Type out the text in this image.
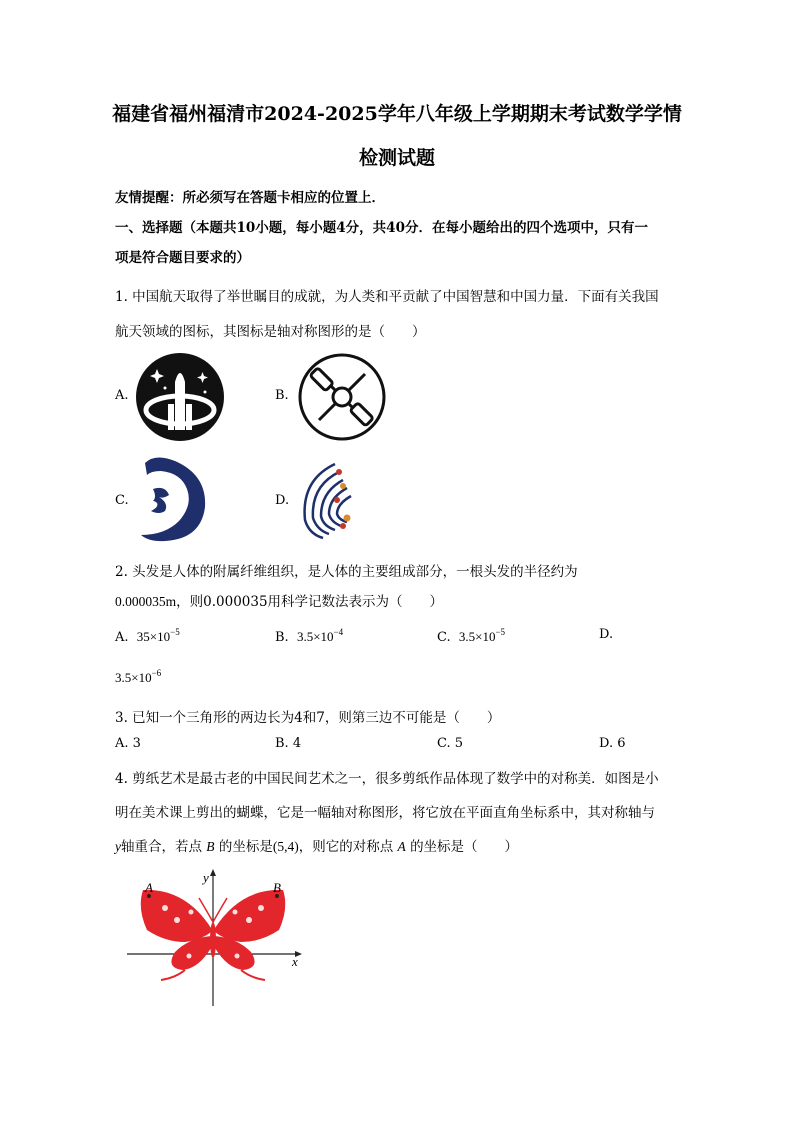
福建省福州福清市2024-2025学年八年级上学期期末考试数学学情
检测试题
友情提醒：所必须写在答题卡相应的位置上．
一、选择题（本题共10小题，每小题4分，共40分．在每小题给出的四个选项中，只有一
项是符合题目要求的）
1. 中国航天取得了举世瞩目的成就，为人类和平贡献了中国智慧和中国力量．下面有关我国
航天领域的图标，其图标是轴对称图形的是（　　）
A.	B.
C.	D.
2. 头发是人体的附属纤维组织，是人体的主要组成部分，一根头发的半径约为
0.000035m，则0.000035用科学记数法表示为（　　）
A. $35\times 10^{-5}$	B. $3.5\times 10^{-4}$	C. $3.5\times 10^{-5}$	D.
$3.5\times 10^{-6}$
3. 已知一个三角形的两边长为4和7，则第三边不可能是（　　）
A. 3	B. 4	C. 5	D. 6
4. 剪纸艺术是最古老的中国民间艺术之一，很多剪纸作品体现了数学中的对称美．如图是小
明在美术课上剪出的蝴蝶，它是一幅轴对称图形，将它放在平面直角坐标系中，其对称轴与
y轴重合，若点 B 的坐标是(5,4)，则它的对称点 A 的坐标是（　　）
A	B
x
y
